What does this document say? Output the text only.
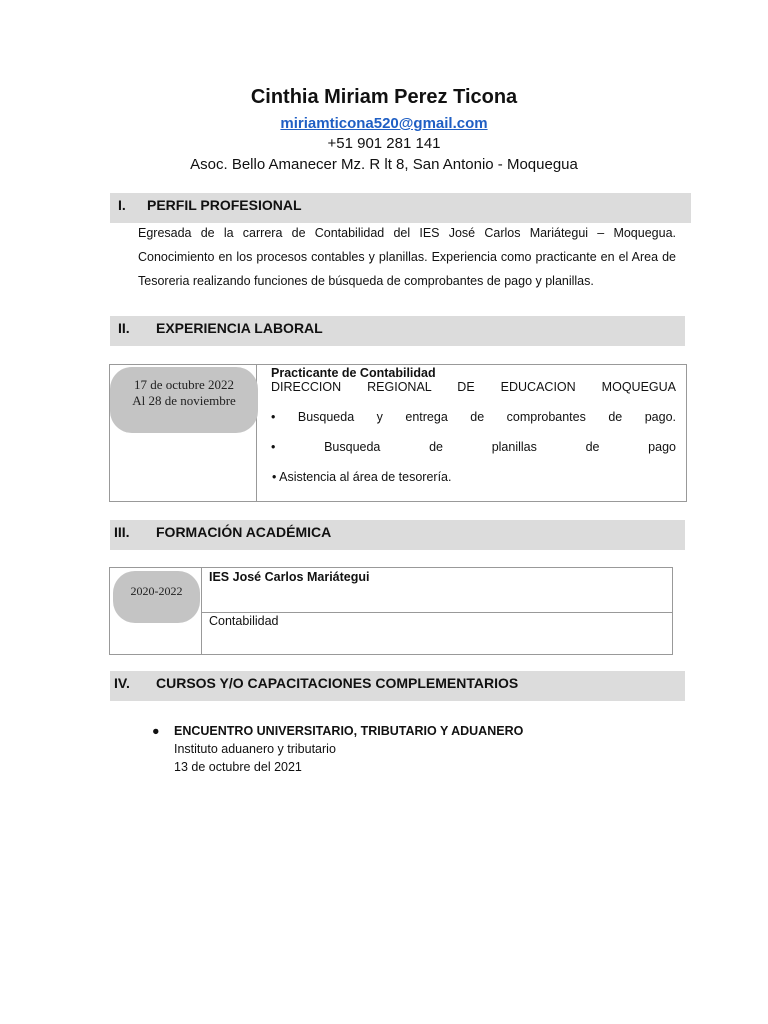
Cinthia Miriam Perez Ticona
miriamticona520@gmail.com
+51 901 281 141
Asoc. Bello Amanecer Mz. R lt 8, San Antonio - Moquegua
I. PERFIL PROFESIONAL
Egresada de la carrera de Contabilidad del IES José Carlos Mariátegui – Moquegua. Conocimiento en los procesos contables y planillas. Experiencia como practicante en el Area de Tesoreria realizando funciones de búsqueda de comprobantes de pago y planillas.
II. EXPERIENCIA LABORAL
17 de octubre 2022
Al 28 de noviembre
Practicante de Contabilidad
DIRECCION REGIONAL DE EDUCACION MOQUEGUA
• Busqueda y entrega de comprobantes de pago.
• Busqueda de planillas de pago
• Asistencia al área de tesorería.
III. FORMACIÓN ACADÉMICA
2020-2022
IES José Carlos Mariátegui
Contabilidad
IV. CURSOS Y/O CAPACITACIONES COMPLEMENTARIOS
● ENCUENTRO UNIVERSITARIO, TRIBUTARIO Y ADUANERO
Instituto aduanero y tributario
13 de octubre del 2021
